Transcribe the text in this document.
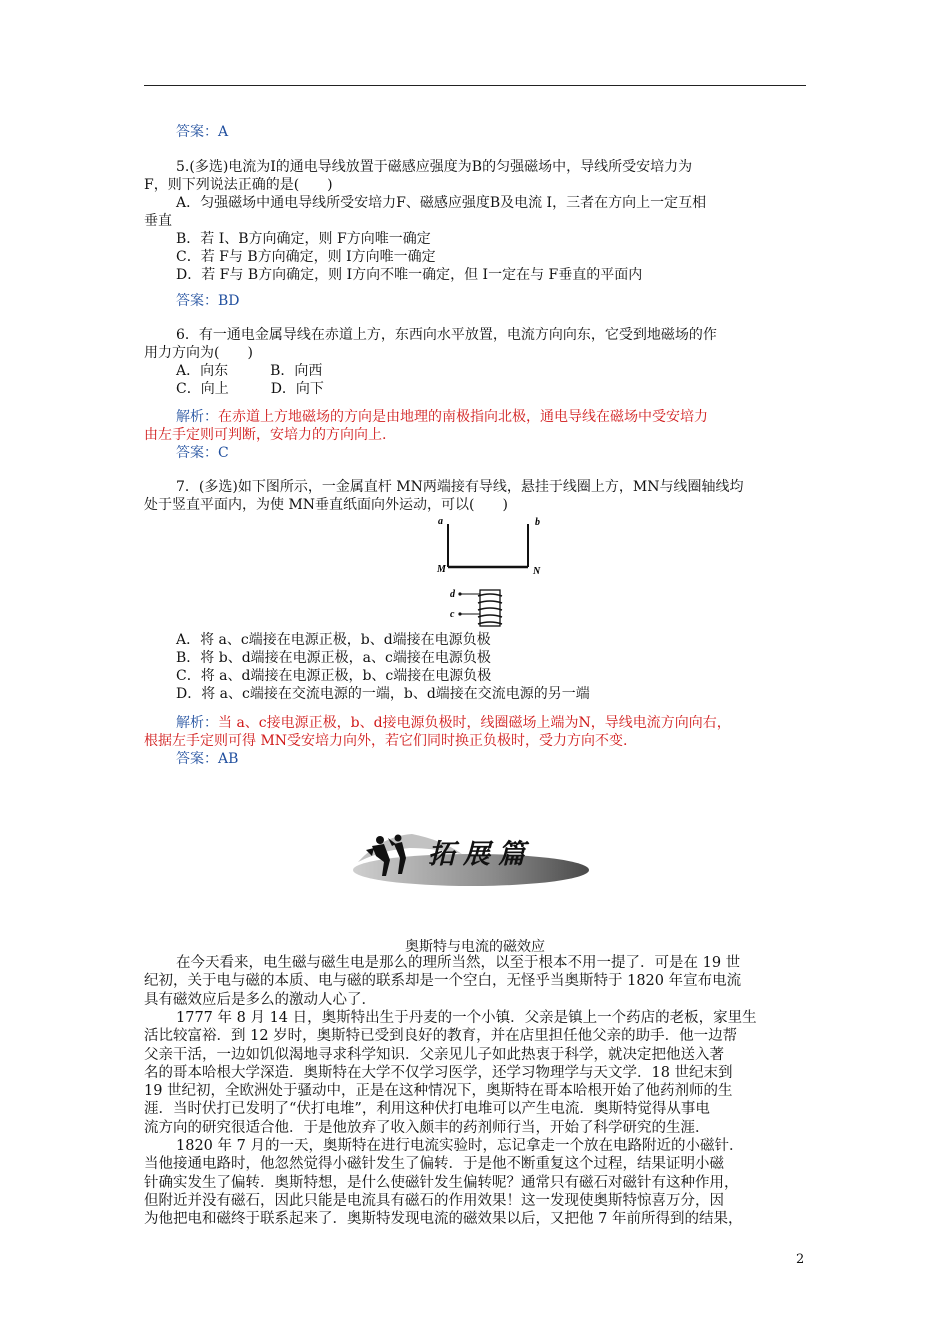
答案：A
5.(多选)电流为I的通电导线放置于磁感应强度为B的匀强磁场中，导线所受安培力为
F，则下列说法正确的是(　　)
A．匀强磁场中通电导线所受安培力F、磁感应强度B及电流 I，三者在方向上一定互相
垂直
B．若 I、B方向确定，则 F方向唯一确定
C．若 F与 B方向确定，则 I方向唯一确定
D．若 F与 B方向确定，则 I方向不唯一确定，但 I一定在与 F垂直的平面内
答案：BD
6．有一通电金属导线在赤道上方，东西向水平放置，电流方向向东，它受到地磁场的作
用力方向为(　　)
A．向东　　　B．向西
C．向上　　　D．向下
解析：在赤道上方地磁场的方向是由地理的南极指向北极，通电导线在磁场中受安培力
由左手定则可判断，安培力的方向向上.
答案：C
7．(多选)如下图所示，一金属直杆 MN两端接有导线，悬挂于线圈上方，MN与线圈轴线均
处于竖直平面内，为使 MN垂直纸面向外运动，可以(　　)
a	b
M	N
d
c
A．将 a、c端接在电源正极，b、d端接在电源负极
B．将 b、d端接在电源正极，a、c端接在电源负极
C．将 a、d端接在电源正极，b、c端接在电源负极
D．将 a、c端接在交流电源的一端，b、d端接在交流电源的另一端
解析：当 a、c接电源正极，b、d接电源负极时，线圈磁场上端为N，导线电流方向向右，
根据左手定则可得 MN受安培力向外，若它们同时换正负极时，受力方向不变.
答案：AB
拓展篇
奥斯特与电流的磁效应
在今天看来，电生磁与磁生电是那么的理所当然，以至于根本不用一提了．可是在 19 世
纪初，关于电与磁的本质、电与磁的联系却是一个空白，无怪乎当奥斯特于 1820 年宣布电流
具有磁效应后是多么的激动人心了．
1777 年 8 月 14 日，奥斯特出生于丹麦的一个小镇．父亲是镇上一个药店的老板，家里生
活比较富裕．到 12 岁时，奥斯特已受到良好的教育，并在店里担任他父亲的助手．他一边帮
父亲干活，一边如饥似渴地寻求科学知识．父亲见儿子如此热衷于科学，就决定把他送入著
名的哥本哈根大学深造．奥斯特在大学不仅学习医学，还学习物理学与天文学．18 世纪末到
19 世纪初，全欧洲处于骚动中，正是在这种情况下，奥斯特在哥本哈根开始了他药剂师的生
涯．当时伏打已发明了“伏打电堆”，利用这种伏打电堆可以产生电流．奥斯特觉得从事电
流方向的研究很适合他．于是他放弃了收入颇丰的药剂师行当，开始了科学研究的生涯．
1820 年 7 月的一天，奥斯特在进行电流实验时，忘记拿走一个放在电路附近的小磁针．
当他接通电路时，他忽然觉得小磁针发生了偏转．于是他不断重复这个过程，结果证明小磁
针确实发生了偏转．奥斯特想，是什么使磁针发生偏转呢？通常只有磁石对磁针有这种作用，
但附近并没有磁石，因此只能是电流具有磁石的作用效果！这一发现使奥斯特惊喜万分，因
为他把电和磁终于联系起来了．奥斯特发现电流的磁效果以后，又把他 7 年前所得到的结果，
2
